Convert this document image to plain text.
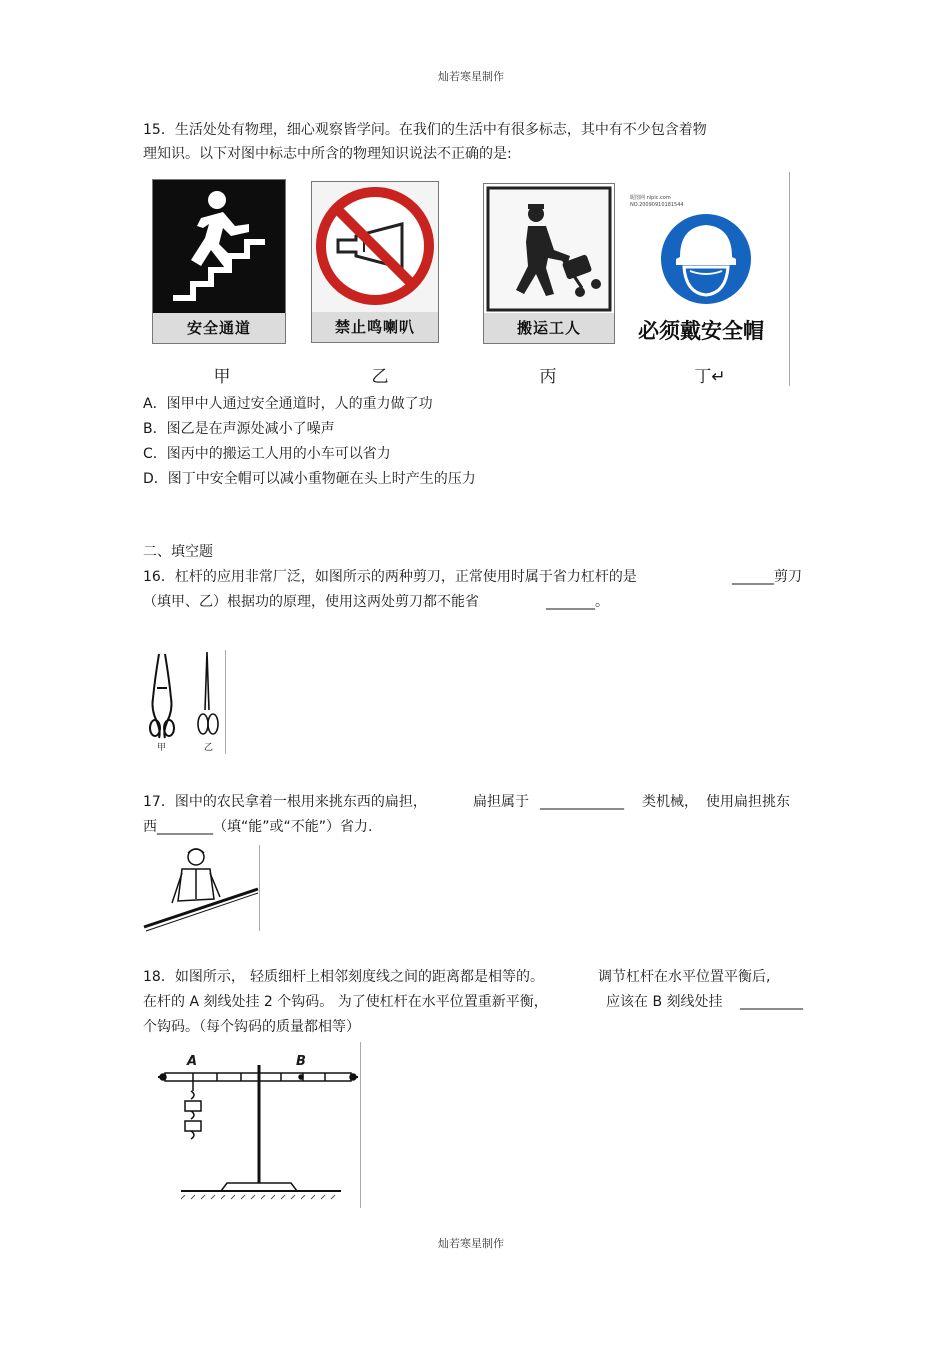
灿若寒星制作
15．生活处处有物理，细心观察皆学问。在我们的生活中有很多标志，其中有不少包含着物
理知识。以下对图中标志中所含的物理知识说法不正确的是:
安全通道	禁止鸣喇叭	搬运工人
昵图网 nipic.com
NO.20090910181544
必须戴安全帽
甲	乙	丙	丁↵
A．图甲中人通过安全通道时，人的重力做了功
B．图乙是在声源处减小了噪声
C．图丙中的搬运工人用的小车可以省力
D．图丁中安全帽可以减小重物砸在头上时产生的压力
二、填空题
16．杠杆的应用非常厂泛，如图所示的两种剪刀，正常使用时属于省力杠杆的是	______剪刀
（填甲、乙）根据功的原理，使用这两处剪刀都不能省	_______。
甲	乙
17．图中的农民拿着一根用来挑东西的扁担，	扁担属于 ____________ 类机械， 使用扁担挑东
西________（填“能”或“不能”）省力.
18．如图所示， 轻质细杆上相邻刻度线之间的距离都是相等的。	调节杠杆在水平位置平衡后,
在杆的 A 刻线处挂 2 个钩码。 为了使杠杆在水平位置重新平衡，	应该在 B 刻线处挂 _________
个钩码。（每个钩码的质量都相等）
A	B
灿若寒星制作
